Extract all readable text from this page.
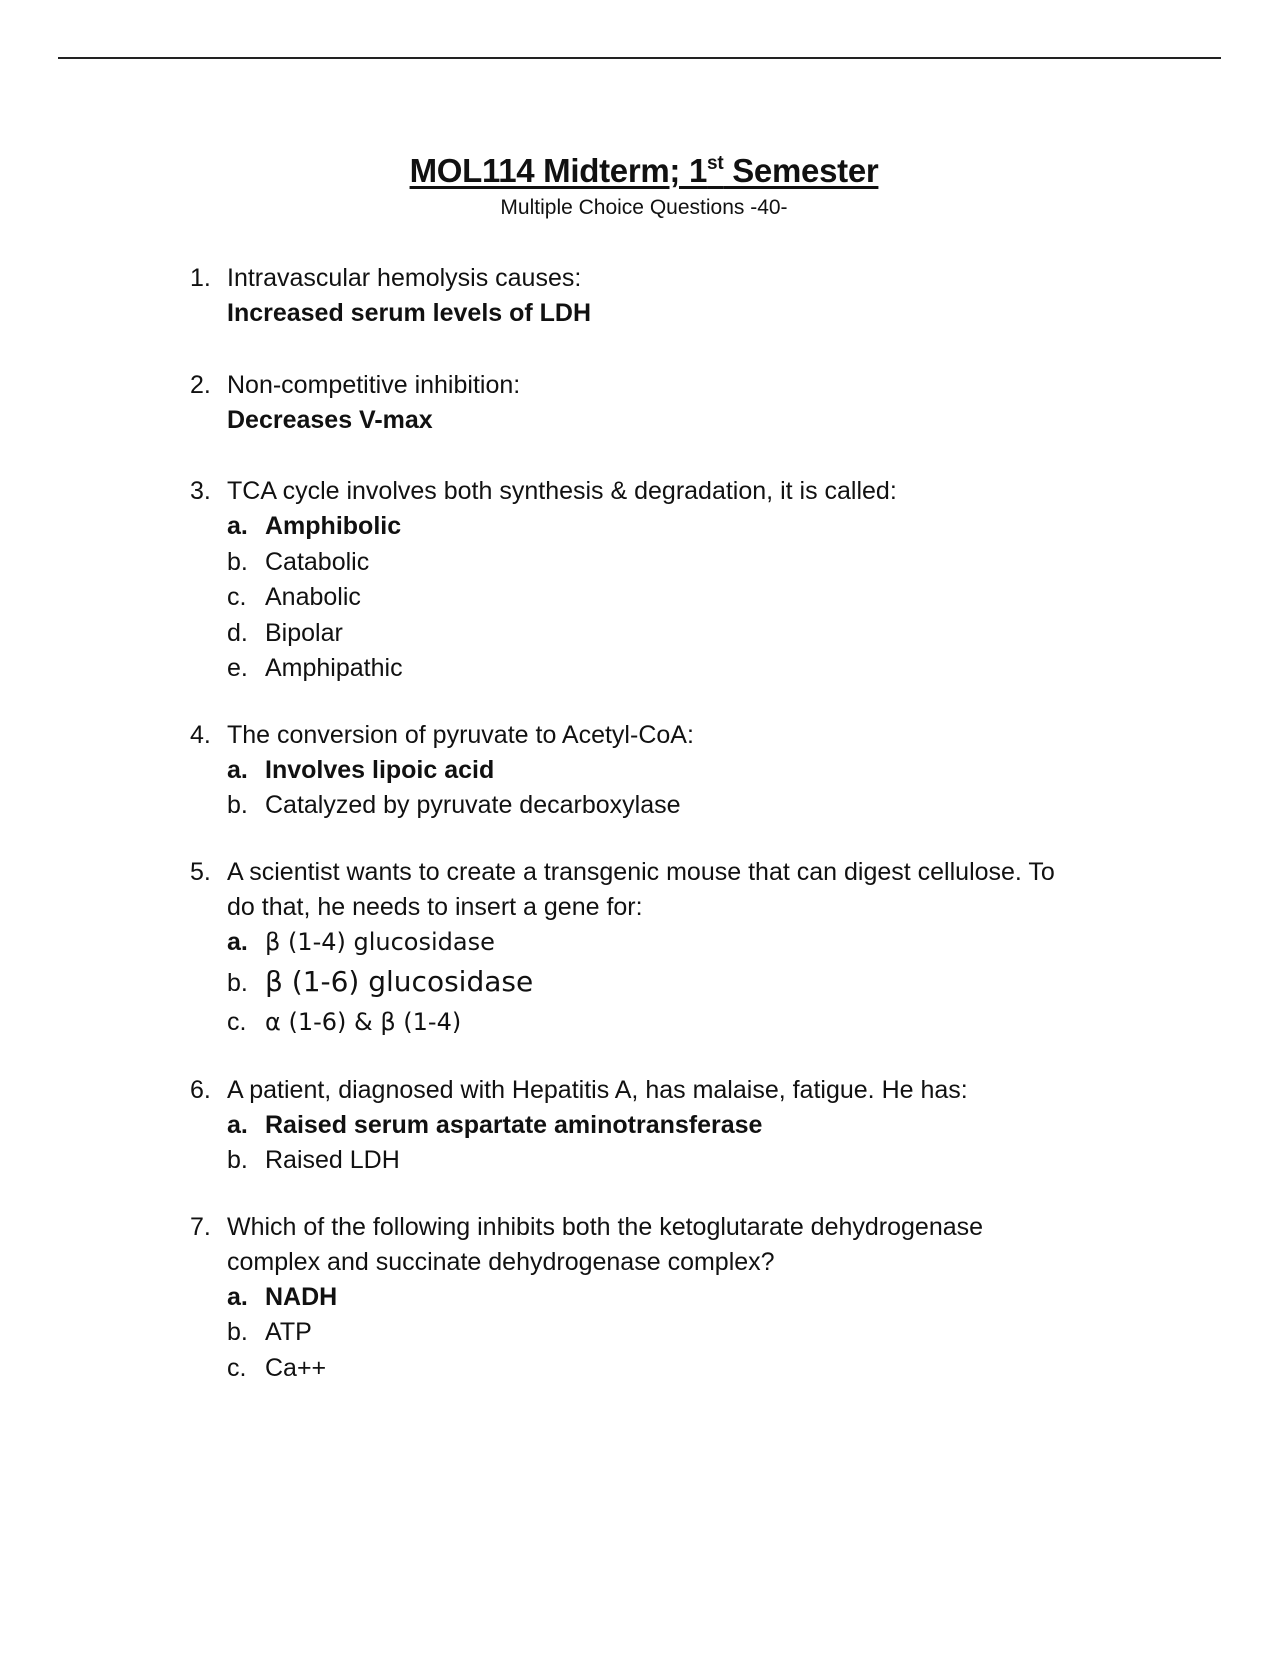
MOL114 Midterm; 1st Semester
Multiple Choice Questions -40-
1. Intravascular hemolysis causes:
Increased serum levels of LDH
2. Non-competitive inhibition:
Decreases V-max
3. TCA cycle involves both synthesis & degradation, it is called:
a. Amphibolic
b. Catabolic
c. Anabolic
d. Bipolar
e. Amphipathic
4. The conversion of pyruvate to Acetyl-CoA:
a. Involves lipoic acid
b. Catalyzed by pyruvate decarboxylase
5. A scientist wants to create a transgenic mouse that can digest cellulose. To
do that, he needs to insert a gene for:
a. β (1-4) glucosidase
b. β (1-6) glucosidase
c. α (1-6) & β (1-4)
6. A patient, diagnosed with Hepatitis A, has malaise, fatigue. He has:
a. Raised serum aspartate aminotransferase
b. Raised LDH
7. Which of the following inhibits both the ketoglutarate dehydrogenase
complex and succinate dehydrogenase complex?
a. NADH
b. ATP
c. Ca++
